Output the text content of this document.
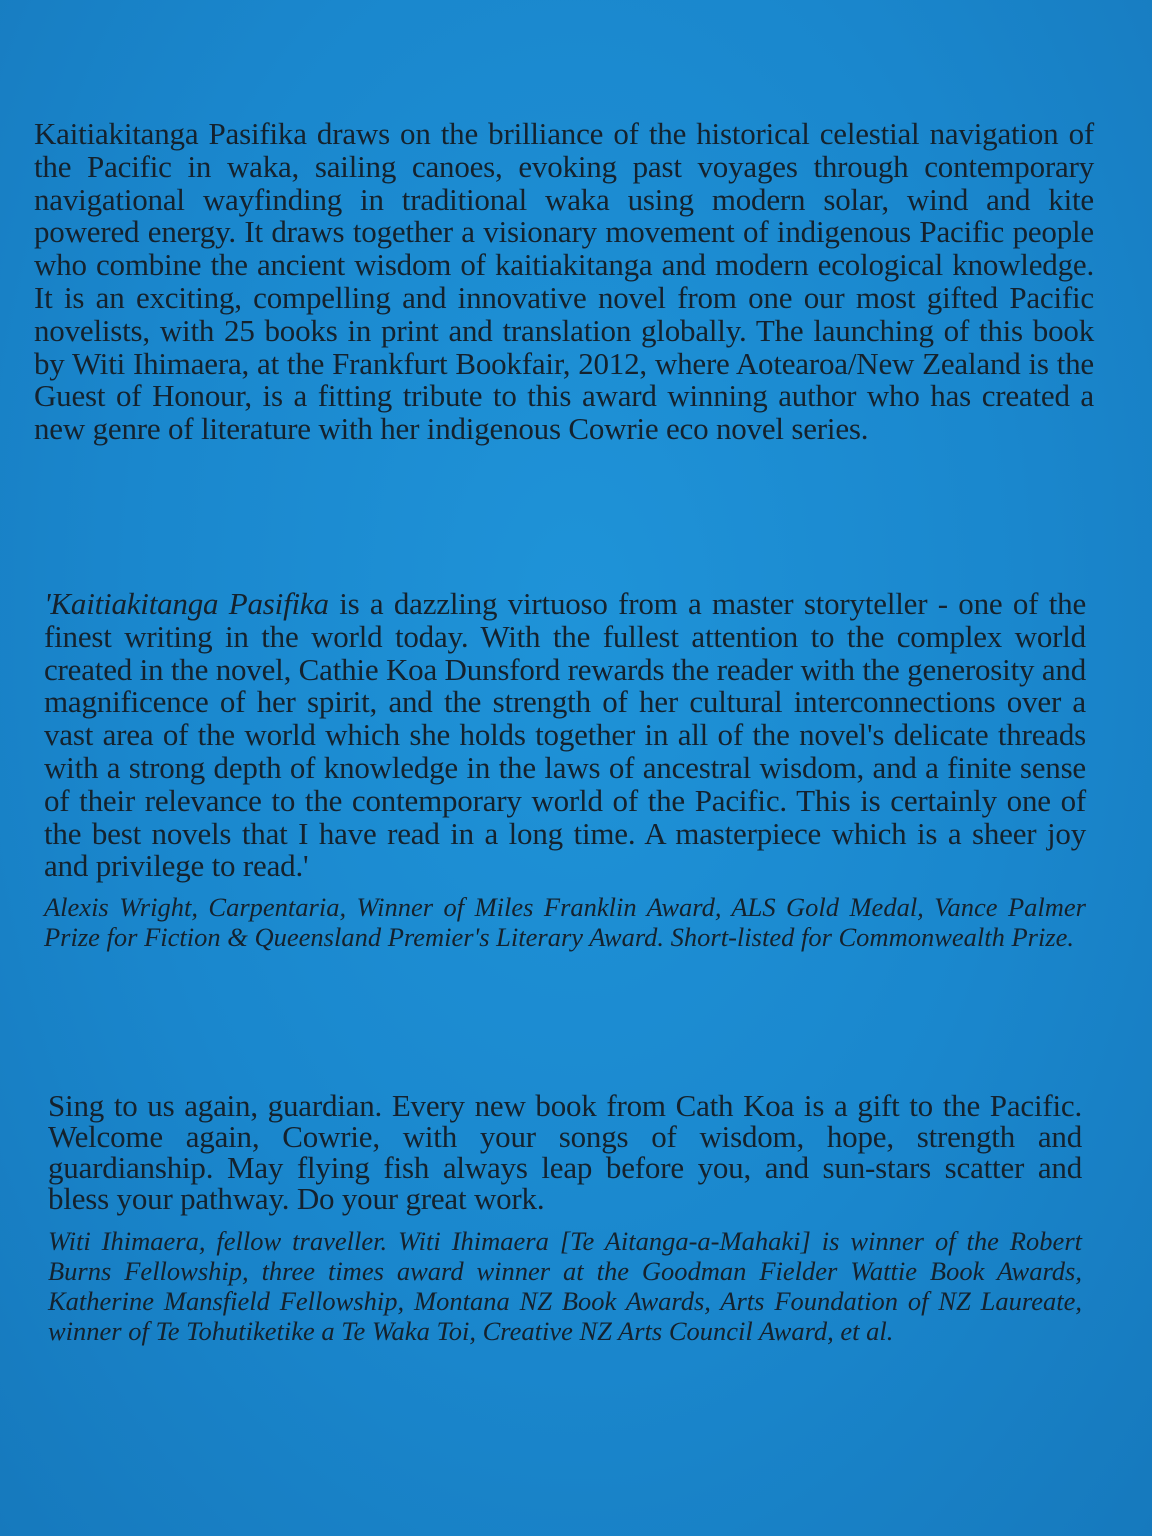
Kaitiakitanga Pasifika draws on the brilliance of the historical celestial navigation of the Pacific in waka, sailing canoes, evoking past voyages through contemporary navigational wayfinding in traditional waka using modern solar, wind and kite powered energy. It draws together a visionary movement of indigenous Pacific people who combine the ancient wisdom of kaitiakitanga and modern ecological knowledge. It is an exciting, compelling and innovative novel from one our most gifted Pacific novelists, with 25 books in print and translation globally. The launching of this book by Witi Ihimaera, at the Frankfurt Bookfair, 2012, where Aotearoa/New Zealand is the Guest of Honour, is a fitting tribute to this award winning author who has created a new genre of literature with her indigenous Cowrie eco novel series.

'Kaitiakitanga Pasifika is a dazzling virtuoso from a master storyteller - one of the finest writing in the world today. With the fullest attention to the complex world created in the novel, Cathie Koa Dunsford rewards the reader with the generosity and magnificence of her spirit, and the strength of her cultural interconnections over a vast area of the world which she holds together in all of the novel's delicate threads with a strong depth of knowledge in the laws of ancestral wisdom, and a finite sense of their relevance to the contemporary world of the Pacific. This is certainly one of the best novels that I have read in a long time. A masterpiece which is a sheer joy and privilege to read.'

Alexis Wright, Carpentaria, Winner of Miles Franklin Award, ALS Gold Medal, Vance Palmer Prize for Fiction & Queensland Premier's Literary Award. Short-listed for Commonwealth Prize.

Sing to us again, guardian. Every new book from Cath Koa is a gift to the Pacific. Welcome again, Cowrie, with your songs of wisdom, hope, strength and guardianship. May flying fish always leap before you, and sun-stars scatter and bless your pathway. Do your great work.

Witi Ihimaera, fellow traveller. Witi Ihimaera [Te Aitanga-a-Mahaki] is winner of the Robert Burns Fellowship, three times award winner at the Goodman Fielder Wattie Book Awards, Katherine Mansfield Fellowship, Montana NZ Book Awards, Arts Foundation of NZ Laureate, winner of Te Tohutiketike a Te Waka Toi, Creative NZ Arts Council Award, et al.
